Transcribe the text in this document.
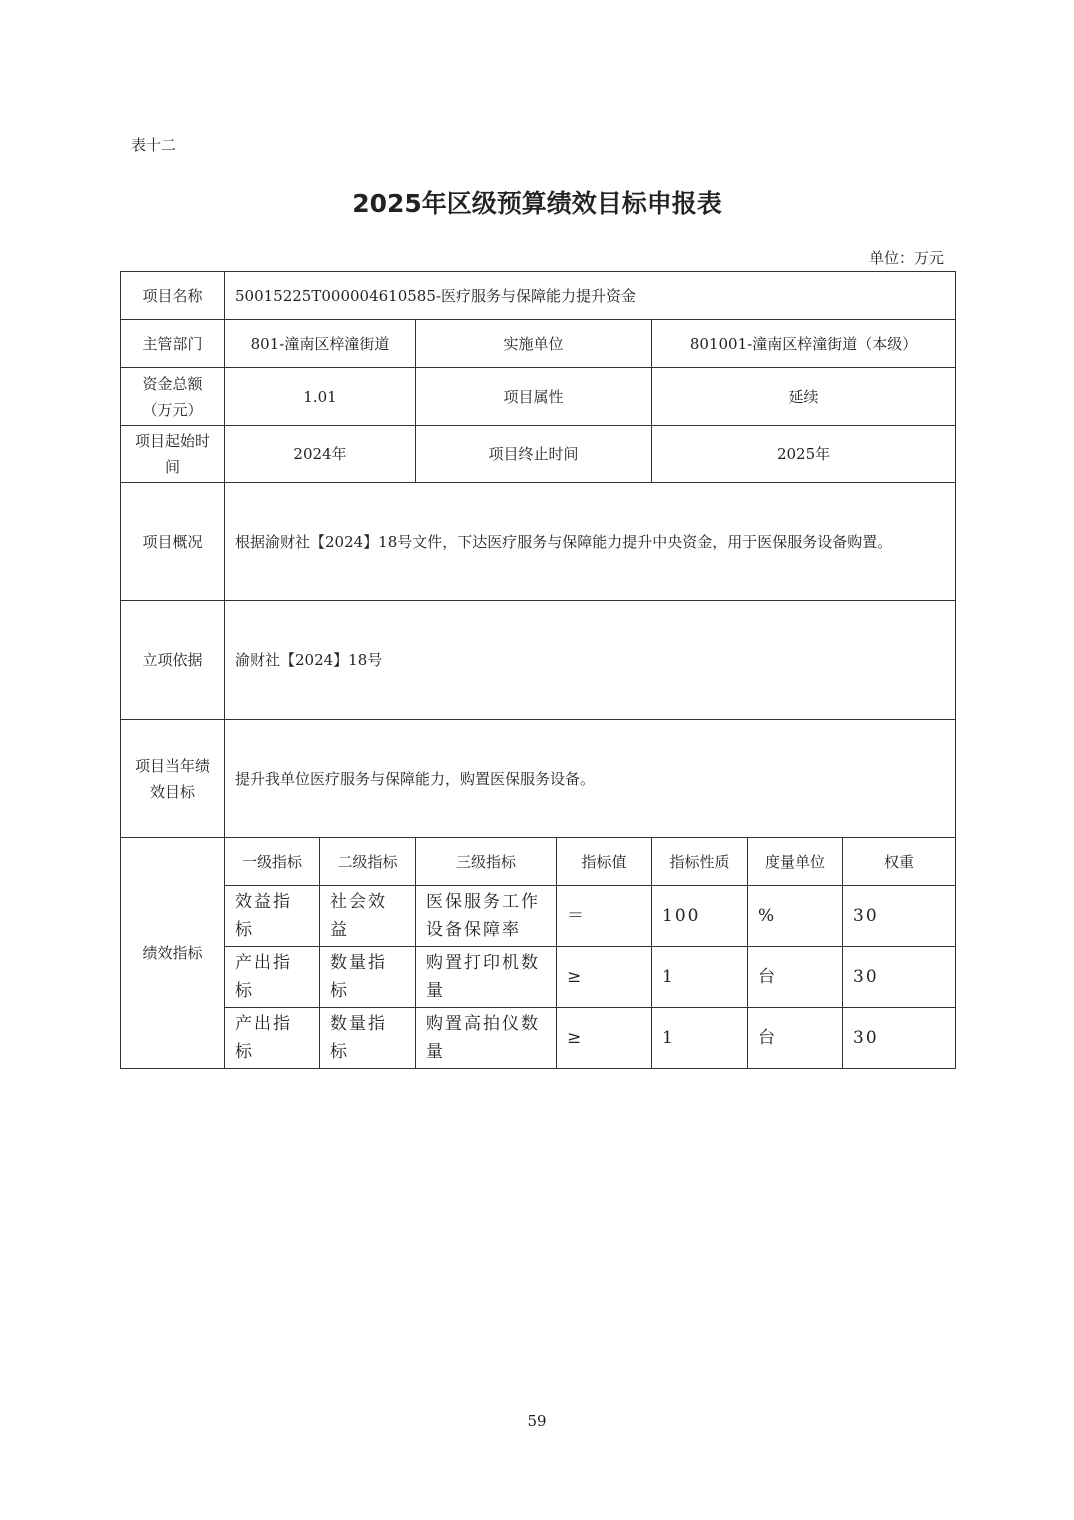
表十二
2025年区级预算绩效目标申报表
单位：万元
项目名称	50015225T000004610585-医疗服务与保障能力提升资金						
主管部门	801-潼南区梓潼街道		实施单位		801001-潼南区梓潼街道（本级）		
资金总额（万元）	1.01		项目属性		延续		
项目起始时间	2024年		项目终止时间		2025年		
项目概况	根据渝财社【2024】18号文件，下达医疗服务与保障能力提升中央资金，用于医保服务设备购置。						
立项依据	渝财社【2024】18号						
项目当年绩效目标	提升我单位医疗服务与保障能力，购置医保服务设备。						
绩效指标	一级指标	二级指标	三级指标	指标值	指标性质	度量单位	权重
	效益指标	社会效益	医保服务工作设备保障率	＝	100	%	30
	产出指标	数量指标	购置打印机数量	≥	1	台	30
	产出指标	数量指标	购置高拍仪数量	≥	1	台	30
59
